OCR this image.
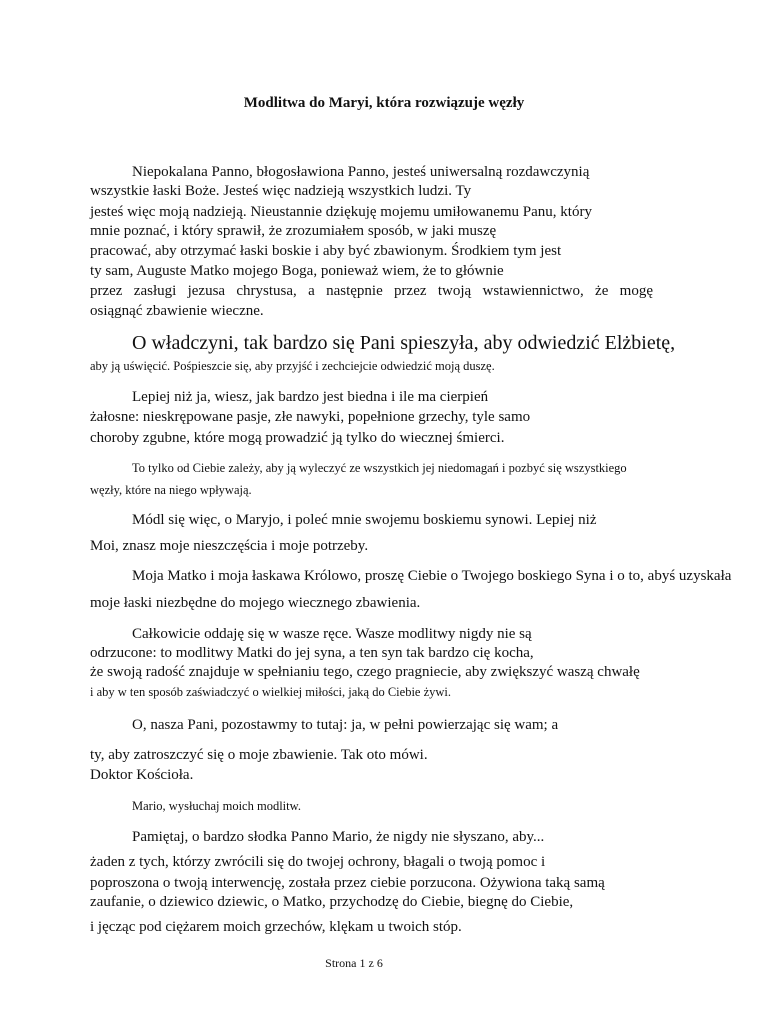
Modlitwa do Maryi, która rozwiązuje węzły
Niepokalana Panno, błogosławiona Panno, jesteś uniwersalną rozdawczynią
wszystkie łaski Boże. Jesteś więc nadzieją wszystkich ludzi. Ty
jesteś więc moją nadzieją. Nieustannie dziękuję mojemu umiłowanemu Panu, który
mnie poznać, i który sprawił, że zrozumiałem sposób, w jaki muszę
pracować, aby otrzymać łaski boskie i aby być zbawionym. Środkiem tym jest
ty sam, Auguste Matko mojego Boga, ponieważ wiem, że to głównie
przez zasługi jezusa chrystusa, a następnie przez twoją wstawiennictwo, że mogę
osiągnąć zbawienie wieczne.
O władczyni, tak bardzo się Pani spieszyła, aby odwiedzić Elżbietę,
aby ją uświęcić. Pośpieszcie się, aby przyjść i zechciejcie odwiedzić moją duszę.
Lepiej niż ja, wiesz, jak bardzo jest biedna i ile ma cierpień
żałosne: nieskrępowane pasje, złe nawyki, popełnione grzechy, tyle samo
choroby zgubne, które mogą prowadzić ją tylko do wiecznej śmierci.
To tylko od Ciebie zależy, aby ją wyleczyć ze wszystkich jej niedomagań i pozbyć się wszystkiego
węzły, które na niego wpływają.
Módl się więc, o Maryjo, i poleć mnie swojemu boskiemu synowi. Lepiej niż
Moi, znasz moje nieszczęścia i moje potrzeby.
Moja Matko i moja łaskawa Królowo, proszę Ciebie o Twojego boskiego Syna i o to, abyś uzyskała
moje łaski niezbędne do mojego wiecznego zbawienia.
Całkowicie oddaję się w wasze ręce. Wasze modlitwy nigdy nie są
odrzucone: to modlitwy Matki do jej syna, a ten syn tak bardzo cię kocha,
że swoją radość znajduje w spełnianiu tego, czego pragniecie, aby zwiększyć waszą chwałę
i aby w ten sposób zaświadczyć o wielkiej miłości, jaką do Ciebie żywi.
O, nasza Pani, pozostawmy to tutaj: ja, w pełni powierzając się wam; a
ty, aby zatroszczyć się o moje zbawienie. Tak oto mówi.
Doktor Kościoła.
Mario, wysłuchaj moich modlitw.
Pamiętaj, o bardzo słodka Panno Mario, że nigdy nie słyszano, aby...
żaden z tych, którzy zwrócili się do twojej ochrony, błagali o twoją pomoc i
poproszona o twoją interwencję, została przez ciebie porzucona. Ożywiona taką samą
zaufanie, o dziewico dziewic, o Matko, przychodzę do Ciebie, biegnę do Ciebie,
i jęcząc pod ciężarem moich grzechów, klękam u twoich stóp.
Strona 1 z 6
